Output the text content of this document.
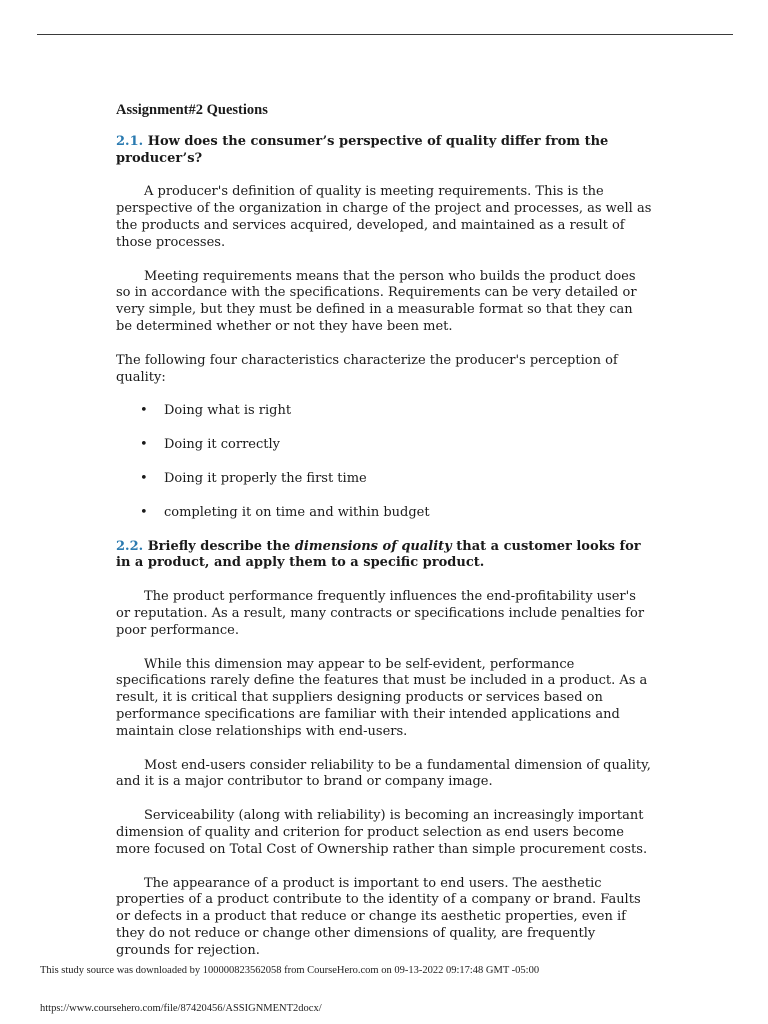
Assignment#2 Questions
2.1. How does the consumer’s perspective of quality differ from the producer’s?

A producer's definition of quality is meeting requirements. This is the perspective of the organization in charge of the project and processes, as well as the products and services acquired, developed, and maintained as a result of those processes.

Meeting requirements means that the person who builds the product does so in accordance with the specifications. Requirements can be very detailed or very simple, but they must be defined in a measurable format so that they can be determined whether or not they have been met.

The following four characteristics characterize the producer's perception of quality:

• Doing what is right
• Doing it correctly
• Doing it properly the first time
• completing it on time and within budget
2.2. Briefly describe the dimensions of quality that a customer looks for in a product, and apply them to a specific product.

The product performance frequently influences the end-profitability user's or reputation. As a result, many contracts or specifications include penalties for poor performance.

While this dimension may appear to be self-evident, performance specifications rarely define the features that must be included in a product. As a result, it is critical that suppliers designing products or services based on performance specifications are familiar with their intended applications and maintain close relationships with end-users.

Most end-users consider reliability to be a fundamental dimension of quality, and it is a major contributor to brand or company image.

Serviceability (along with reliability) is becoming an increasingly important dimension of quality and criterion for product selection as end users become more focused on Total Cost of Ownership rather than simple procurement costs.

The appearance of a product is important to end users. The aesthetic properties of a product contribute to the identity of a company or brand. Faults or defects in a product that reduce or change its aesthetic properties, even if they do not reduce or change other dimensions of quality, are frequently grounds for rejection.

This study source was downloaded by 100000823562058 from CourseHero.com on 09-13-2022 09:17:48 GMT -05:00
https://www.coursehero.com/file/87420456/ASSIGNMENT2docx/
